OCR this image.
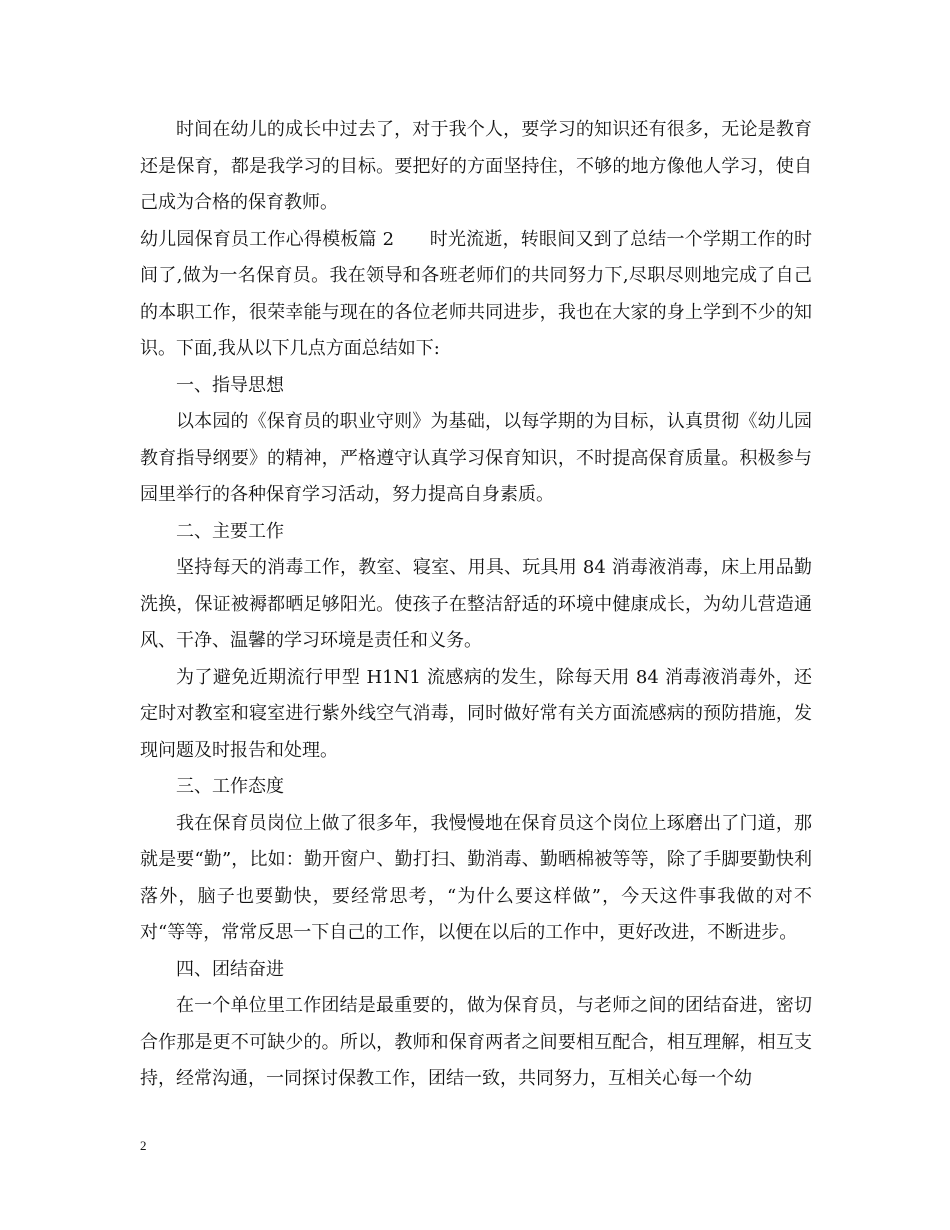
时间在幼儿的成长中过去了，对于我个人，要学习的知识还有很多，无论是教育还是保育，都是我学习的目标。要把好的方面坚持住，不够的地方像他人学习，使自己成为合格的保育教师。

幼儿园保育员工作心得模板篇 2 时光流逝，转眼间又到了总结一个学期工作的时间了,做为一名保育员。我在领导和各班老师们的共同努力下,尽职尽则地完成了自己的本职工作，很荣幸能与现在的各位老师共同进步，我也在大家的身上学到不少的知识。下面,我从以下几点方面总结如下:

一、指导思想

以本园的《保育员的职业守则》为基础，以每学期的为目标，认真贯彻《幼儿园教育指导纲要》的精神，严格遵守认真学习保育知识，不时提高保育质量。积极参与园里举行的各种保育学习活动，努力提高自身素质。

二、主要工作

坚持每天的消毒工作，教室、寝室、用具、玩具用 84 消毒液消毒，床上用品勤洗换，保证被褥都晒足够阳光。使孩子在整洁舒适的环境中健康成长，为幼儿营造通风、干净、温馨的学习环境是责任和义务。

为了避免近期流行甲型 H1N1 流感病的发生，除每天用 84 消毒液消毒外，还定时对教室和寝室进行紫外线空气消毒，同时做好常有关方面流感病的预防措施，发现问题及时报告和处理。

三、工作态度

我在保育员岗位上做了很多年，我慢慢地在保育员这个岗位上琢磨出了门道，那就是要“勤”，比如：勤开窗户、勤打扫、勤消毒、勤晒棉被等等，除了手脚要勤快利落外，脑子也要勤快，要经常思考，“为什么要这样做”，今天这件事我做的对不对“等等，常常反思一下自己的工作，以便在以后的工作中，更好改进，不断进步。

四、团结奋进

在一个单位里工作团结是最重要的，做为保育员，与老师之间的团结奋进，密切合作那是更不可缺少的。所以，教师和保育两者之间要相互配合，相互理解，相互支持，经常沟通，一同探讨保教工作，团结一致，共同努力，互相关心每一个幼

2
